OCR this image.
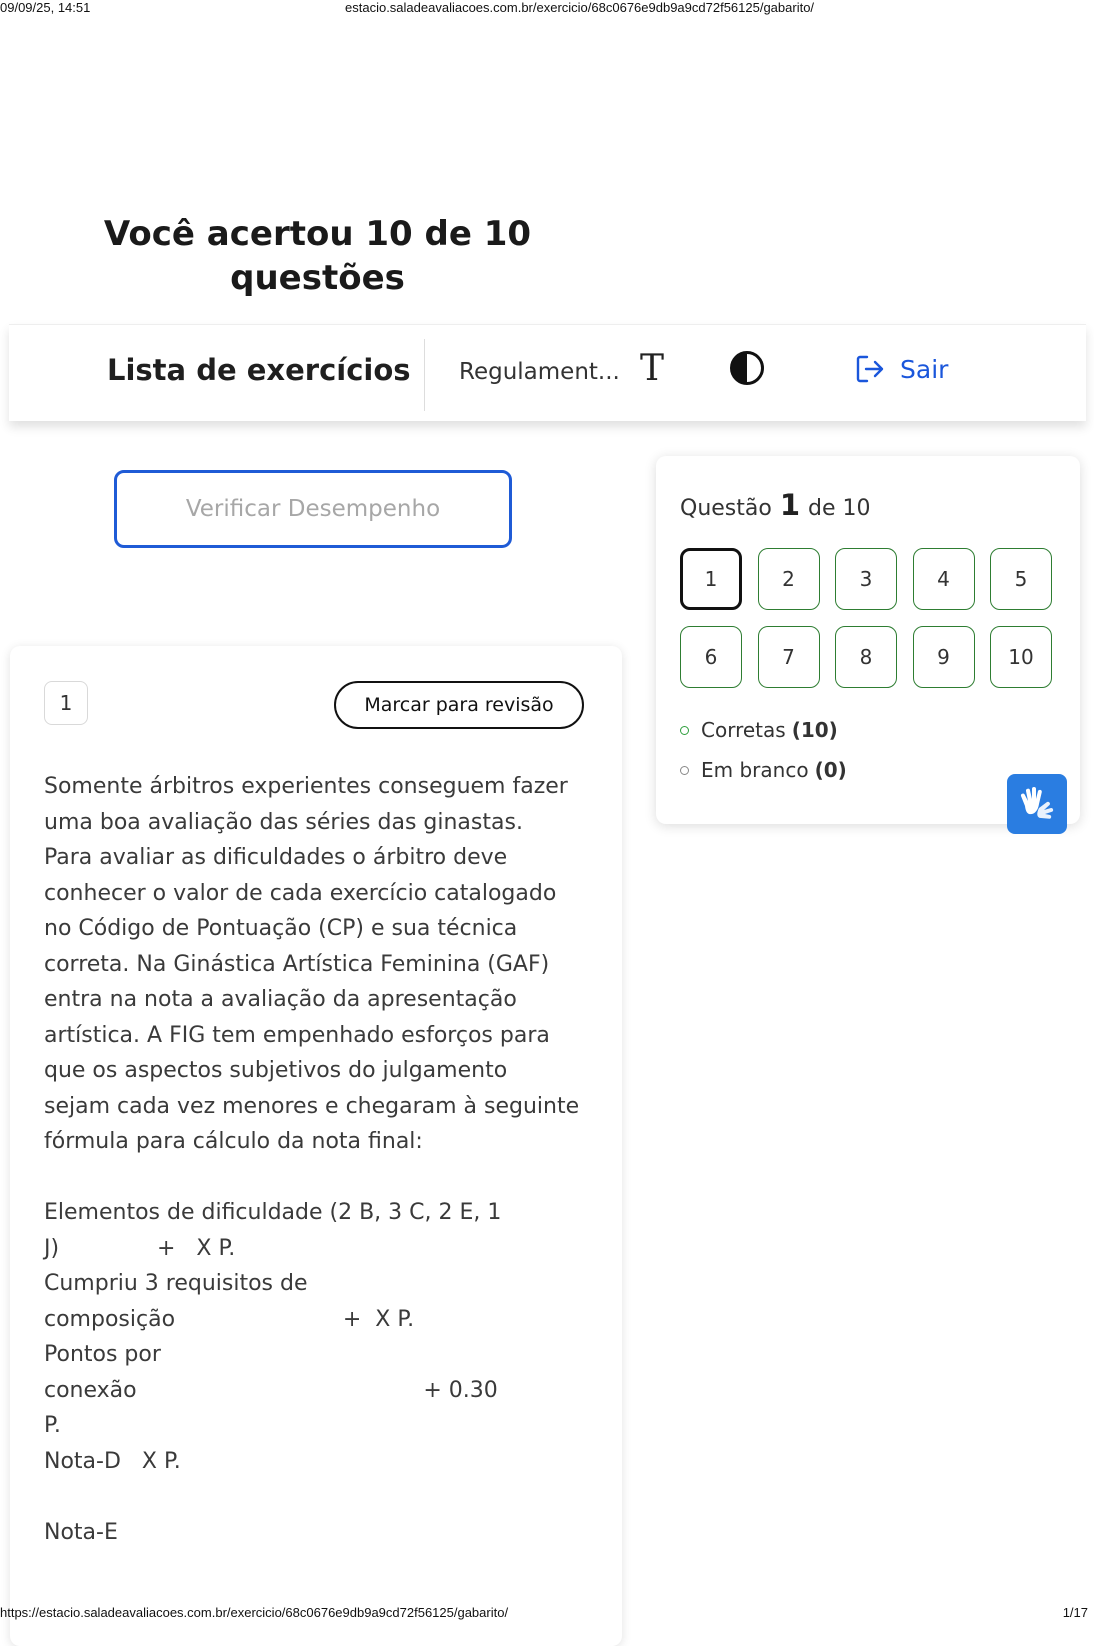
09/09/25, 14:51	estacio.saladeavaliacoes.com.br/exercicio/68c0676e9db9a9cd72f56125/gabarito/
Você acertou 10 de 10 questões
Lista de exercícios Regulament... T	Sair
Verificar Desempenho
1	Marcar para revisão
Somente árbitros experientes conseguem fazer
uma boa avaliação das séries das ginastas.
Para avaliar as dificuldades o árbitro deve
conhecer o valor de cada exercício catalogado
no Código de Pontuação (CP) e sua técnica
correta. Na Ginástica Artística Feminina (GAF)
entra na nota a avaliação da apresentação
artística. A FIG tem empenhado esforços para
que os aspectos subjetivos do julgamento
sejam cada vez menores e chegaram à seguinte
fórmula para cálculo da nota final:

Elementos de dificuldade (2 B, 3 C, 2 E, 1
J)              +   X P.
Cumpriu 3 requisitos de
composição                        +  X P.
Pontos por
conexão                                         + 0.30
P.
Nota-D   X P.

Nota-E
Questão 1 de 10
1	2	3	4	5
6	7	8	9	10
Corretas (10)
Em branco (0)
https://estacio.saladeavaliacoes.com.br/exercicio/68c0676e9db9a9cd72f56125/gabarito/	1/17
